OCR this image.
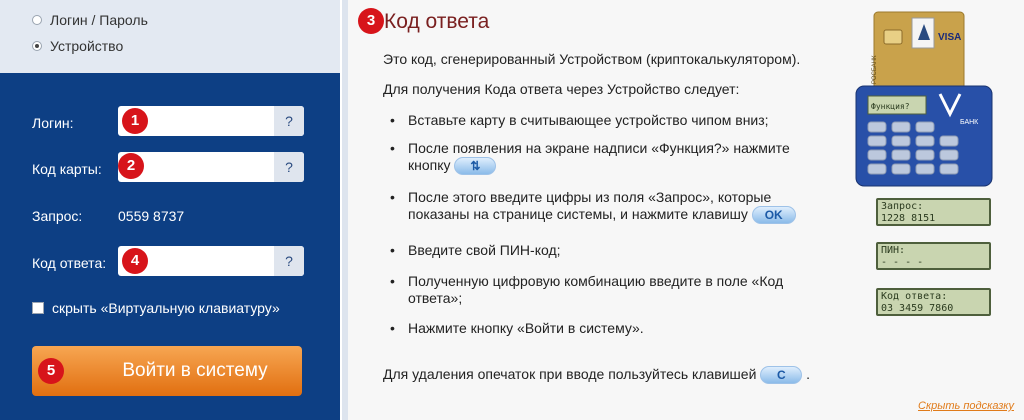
Логин / Пароль
Устройство
Логин:	?
1
Код карты:	?
2
Запрос:	0559 8737
Код ответа:	?
4
скрыть «Виртуальную клавиатуру»
5	Войти в систему
3 Код ответа
Это код, сгенерированный Устройством (криптокалькулятором).
Для получения Кода ответа через Устройство следует:
• Вставьте карту в считывающее устройство чипом вниз;
• После появления на экране надписи «Функция?» нажмите
кнопку ⇅
• После этого введите цифры из поля «Запрос», которые
показаны на странице системы, и нажмите клавишу OK
• Введите свой ПИН-код;
• Полученную цифровую комбинацию введите в поле «Код
ответа»;
• Нажмите кнопку «Войти в систему».
Для удаления опечаток при вводе пользуйтесь клавишей C .
VISA
РОСБАНК
Функция?
БАНК
Запрос:
1228 8151
ПИН:
- - - -
Код ответа:
03 3459 7860
Скрыть подсказку
